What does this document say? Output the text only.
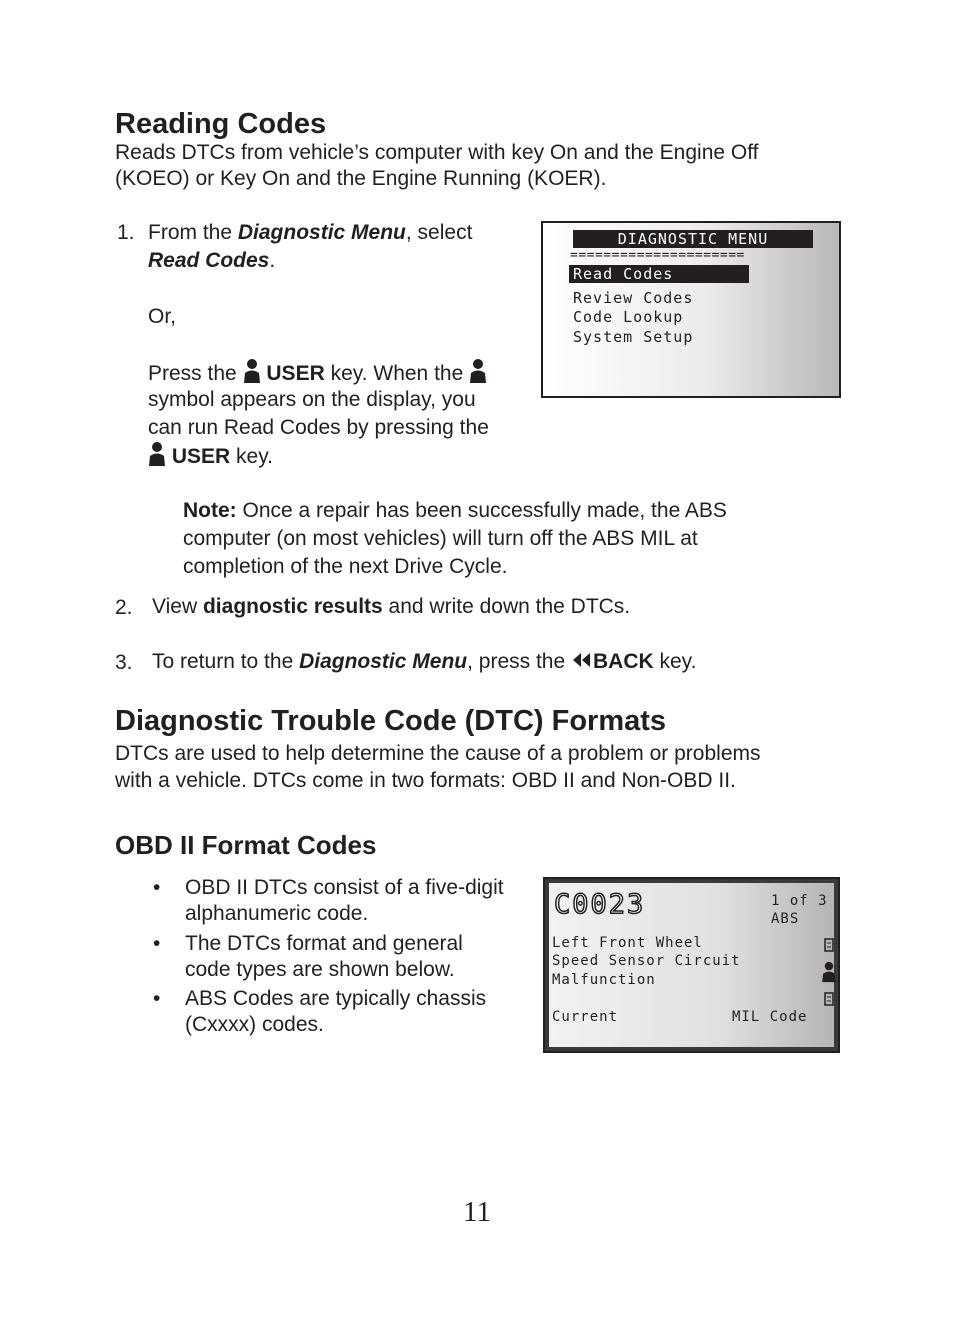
Reading Codes
Reads DTCs from vehicle’s computer with key On and the Engine Off
(KOEO) or Key On and the Engine Running (KOER).
1. From the Diagnostic Menu, select
Read Codes.
Or,
Press the  USER key. When the
symbol appears on the display, you
can run Read Codes by pressing the
USER key.
DIAGNOSTIC MENU
=====================
Read Codes
Review Codes
Code Lookup
System Setup
Note: Once a repair has been successfully made, the ABS
computer (on most vehicles) will turn off the ABS MIL at
completion of the next Drive Cycle.
2. View diagnostic results and write down the DTCs.
3. To return to the Diagnostic Menu, press the BACK key.
Diagnostic Trouble Code (DTC) Formats
DTCs are used to help determine the cause of a problem or problems
with a vehicle. DTCs come in two formats: OBD II and Non-OBD II.
OBD II Format Codes
• OBD II DTCs consist of a five-digit
alphanumeric code.
• The DTCs format and general
code types are shown below.
• ABS Codes are typically chassis
(Cxxxx) codes.
C0023	1 of 3
ABS
Left Front Wheel
Speed Sensor Circuit
Malfunction
Current	MIL Code
11
